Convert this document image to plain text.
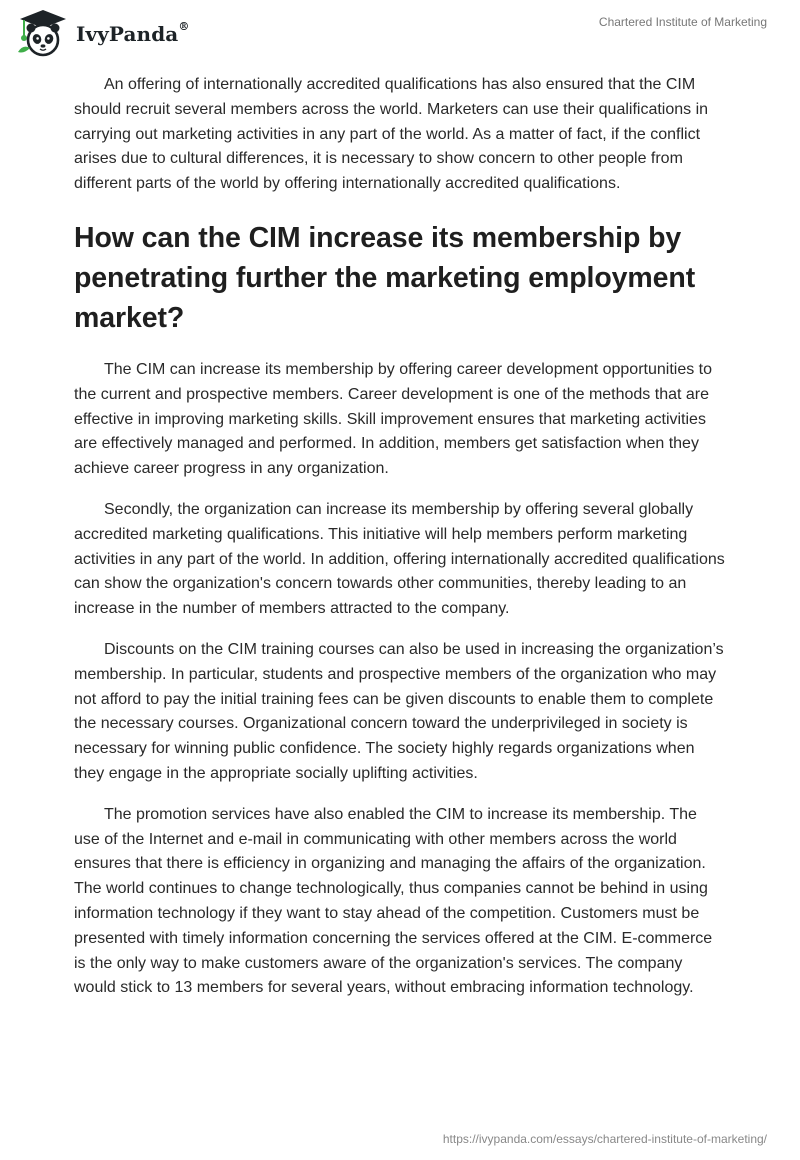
IvyPanda®	Chartered Institute of Marketing

An offering of internationally accredited qualifications has also ensured that the CIM should recruit several members across the world. Marketers can use their qualifications in carrying out marketing activities in any part of the world. As a matter of fact, if the conflict arises due to cultural differences, it is necessary to show concern to other people from different parts of the world by offering internationally accredited qualifications.

How can the CIM increase its membership by penetrating further the marketing employment market?

The CIM can increase its membership by offering career development opportunities to the current and prospective members. Career development is one of the methods that are effective in improving marketing skills. Skill improvement ensures that marketing activities are effectively managed and performed. In addition, members get satisfaction when they achieve career progress in any organization.

Secondly, the organization can increase its membership by offering several globally accredited marketing qualifications. This initiative will help members perform marketing activities in any part of the world. In addition, offering internationally accredited qualifications can show the organization's concern towards other communities, thereby leading to an increase in the number of members attracted to the company.

Discounts on the CIM training courses can also be used in increasing the organization’s membership. In particular, students and prospective members of the organization who may not afford to pay the initial training fees can be given discounts to enable them to complete the necessary courses. Organizational concern toward the underprivileged in society is necessary for winning public confidence. The society highly regards organizations when they engage in the appropriate socially uplifting activities.

The promotion services have also enabled the CIM to increase its membership. The use of the Internet and e-mail in communicating with other members across the world ensures that there is efficiency in organizing and managing the affairs of the organization. The world continues to change technologically, thus companies cannot be behind in using information technology if they want to stay ahead of the competition. Customers must be presented with timely information concerning the services offered at the CIM. E-commerce is the only way to make customers aware of the organization's services. The company would stick to 13 members for several years, without embracing information technology.

https://ivypanda.com/essays/chartered-institute-of-marketing/
